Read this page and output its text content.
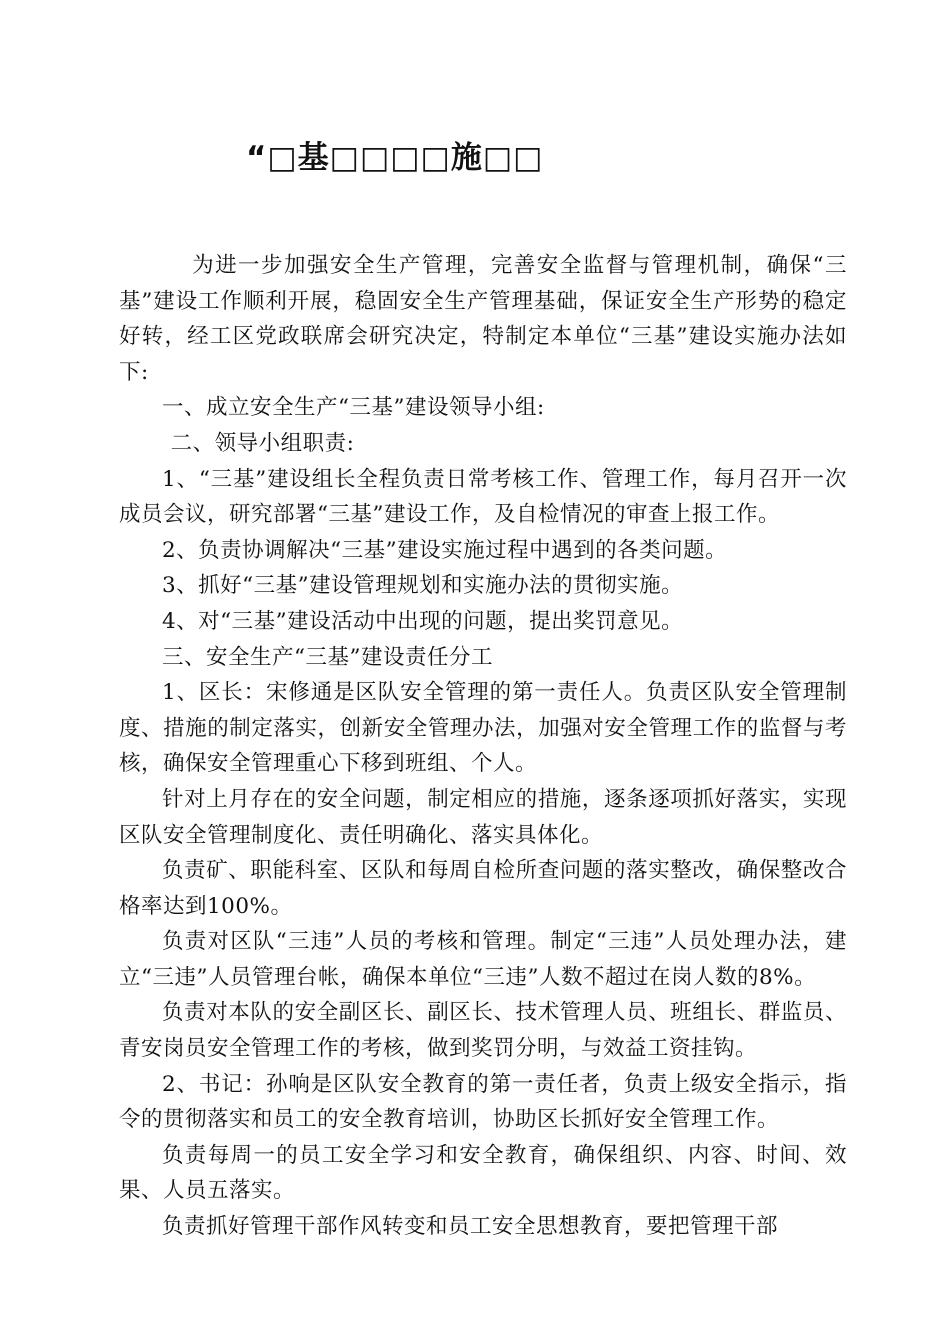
“□基□□□□施□□

为进一步加强安全生产管理，完善安全监督与管理机制，确保“三基”建设工作顺利开展，稳固安全生产管理基础，保证安全生产形势的稳定好转，经工区党政联席会研究决定，特制定本单位“三基”建设实施办法如下:

一、成立安全生产“三基”建设领导小组:

二、领导小组职责:

1、“三基”建设组长全程负责日常考核工作、管理工作，每月召开一次成员会议，研究部署“三基”建设工作，及自检情况的审查上报工作。

2、负责协调解决“三基”建设实施过程中遇到的各类问题。

3、抓好“三基”建设管理规划和实施办法的贯彻实施。

4、对“三基”建设活动中出现的问题，提出奖罚意见。

三、安全生产“三基”建设责任分工

1、区长：宋修通是区队安全管理的第一责任人。负责区队安全管理制度、措施的制定落实，创新安全管理办法，加强对安全管理工作的监督与考核，确保安全管理重心下移到班组、个人。

针对上月存在的安全问题，制定相应的措施，逐条逐项抓好落实，实现区队安全管理制度化、责任明确化、落实具体化。

负责矿、职能科室、区队和每周自检所查问题的落实整改，确保整改合格率达到100%。

负责对区队“三违”人员的考核和管理。制定“三违”人员处理办法，建立“三违”人员管理台帐，确保本单位“三违”人数不超过在岗人数的8%。

负责对本队的安全副区长、副区长、技术管理人员、班组长、群监员、青安岗员安全管理工作的考核，做到奖罚分明，与效益工资挂钩。

2、书记：孙响是区队安全教育的第一责任者，负责上级安全指示，指令的贯彻落实和员工的安全教育培训，协助区长抓好安全管理工作。

负责每周一的员工安全学习和安全教育，确保组织、内容、时间、效果、人员五落实。

负责抓好管理干部作风转变和员工安全思想教育，要把管理干部
